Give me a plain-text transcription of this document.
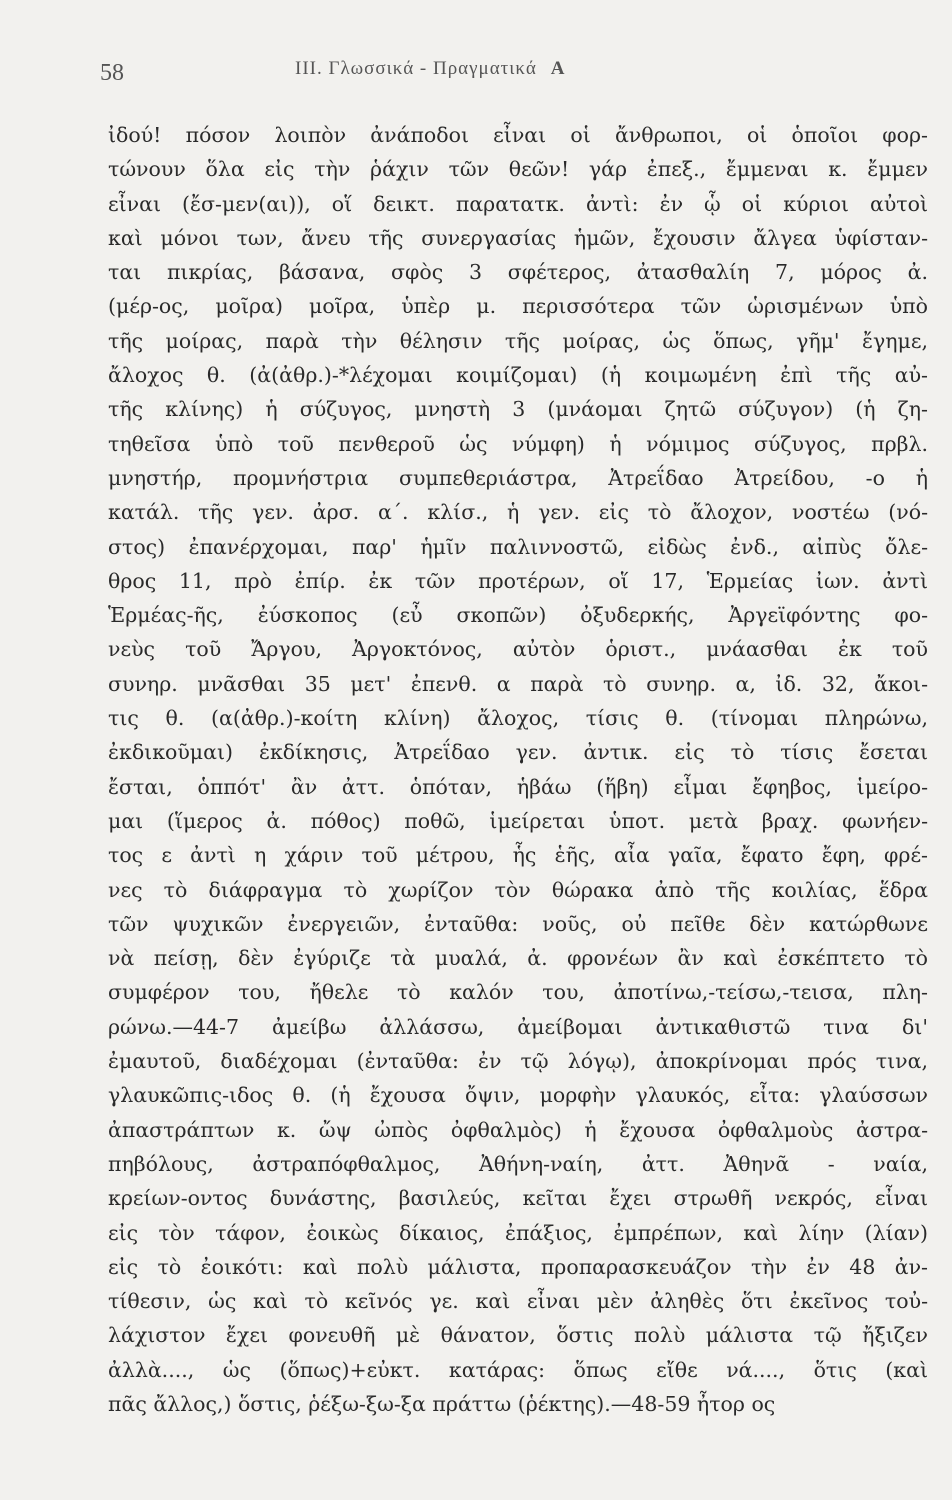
58	III. Γλωσσικά - Πραγματικά Α
ἰδού! πόσον λοιπὸν ἀνάποδοι εἶναι οἱ ἄνθρωποι, οἱ ὁποῖοι φορ-
τώνουν ὅλα εἰς τὴν ῥάχιν τῶν θεῶν! γάρ ἐπεξ., ἔμμεναι κ. ἔμμεν
εἶναι (ἔσ-μεν(αι)), οἵ δεικτ. παρατατκ. ἀντὶ: ἐν ᾧ οἱ κύριοι αὐτοὶ
καὶ μόνοι των, ἄνευ τῆς συνεργασίας ἡμῶν, ἔχουσιν ἄλγεα ὑφίσταν-
ται πικρίας, βάσανα, σφὸς 3 σφέτερος, ἀτασθαλίη 7, μόρος ἀ.
(μέρ-ος, μοῖρα) μοῖρα, ὑπὲρ μ. περισσότερα τῶν ὡρισμένων ὑπὸ
τῆς μοίρας, παρὰ τὴν θέλησιν τῆς μοίρας, ὡς ὅπως, γῆμ' ἔγημε,
ἄλοχος θ. (ἀ(ἀθρ.)-*λέχομαι κοιμίζομαι) (ἡ κοιμωμένη ἐπὶ τῆς αὐ-
τῆς κλίνης) ἡ σύζυγος, μνηστὴ 3 (μνάομαι ζητῶ σύζυγον) (ἡ ζη-
τηθεῖσα ὑπὸ τοῦ πενθεροῦ ὡς νύμφη) ἡ νόμιμος σύζυγος, πρβλ.
μνηστήρ, προμνήστρια συμπεθεριάστρα, Ἀτρεΐδαο Ἀτρείδου, -ο ἡ
κατάλ. τῆς γεν. ἀρσ. α΄. κλίσ., ἡ γεν. εἰς τὸ ἄλοχον, νοστέω (νό-
στος) ἐπανέρχομαι, παρ' ἡμῖν παλιννοστῶ, εἰδὼς ἐνδ., αἰπὺς ὄλε-
θρος 11, πρὸ ἐπίρ. ἐκ τῶν προτέρων, οἵ 17, Ἑρμείας ἰων. ἀντὶ
Ἑρμέας-ῆς, ἐύσκοπος (εὖ σκοπῶν) ὀξυδερκής, Ἀργεϊφόντης φο-
νεὺς τοῦ Ἄργου, Ἀργοκτόνος, αὐτὸν ὁριστ., μνάασθαι ἐκ τοῦ
συνηρ. μνᾶσθαι 35 μετ' ἐπενθ. α παρὰ τὸ συνηρ. α, ἰδ. 32, ἄκοι-
τις θ. (α(ἀθρ.)-κοίτη κλίνη) ἄλοχος, τίσις θ. (τίνομαι πληρώνω,
ἐκδικοῦμαι) ἐκδίκησις, Ἀτρεΐδαο γεν. ἀντικ. εἰς τὸ τίσις ἔσεται
ἔσται, ὁππότ' ἂν ἀττ. ὁπόταν, ἡβάω (ἥβη) εἶμαι ἔφηβος, ἱμείρο-
μαι (ἵμερος ἀ. πόθος) ποθῶ, ἱμείρεται ὑποτ. μετὰ βραχ. φωνήεν-
τος ε ἀντὶ η χάριν τοῦ μέτρου, ἧς ἑῆς, αἶα γαῖα, ἔφατο ἔφη, φρέ-
νες τὸ διάφραγμα τὸ χωρίζον τὸν θώρακα ἀπὸ τῆς κοιλίας, ἕδρα
τῶν ψυχικῶν ἐνεργειῶν, ἐνταῦθα: νοῦς, οὐ πεῖθε δὲν κατώρθωνε
νὰ πείσῃ, δὲν ἐγύριζε τὰ μυαλά, ἀ. φρονέων ἂν καὶ ἐσκέπτετο τὸ
συμφέρον του, ἤθελε τὸ καλόν του, ἀποτίνω,-τείσω,-τεισα, πλη-
ρώνω.—44-7 ἀμείβω ἀλλάσσω, ἀμείβομαι ἀντικαθιστῶ τινα δι'
ἐμαυτοῦ, διαδέχομαι (ἐνταῦθα: ἐν τῷ λόγῳ), ἀποκρίνομαι πρός τινα,
γλαυκῶπις-ιδος θ. (ἡ ἔχουσα ὄψιν, μορφὴν γλαυκός, εἶτα: γλαύσσων
ἀπαστράπτων κ. ὤψ ὠπὸς ὀφθαλμὸς) ἡ ἔχουσα ὀφθαλμοὺς ἀστρα-
πηβόλους, ἀστραπόφθαλμος, Ἀθήνη-ναίη, ἀττ. Ἀθηνᾶ - ναία,
κρείων-οντος δυνάστης, βασιλεύς, κεῖται ἔχει στρωθῆ νεκρός, εἶναι
εἰς τὸν τάφον, ἐοικὼς δίκαιος, ἐπάξιος, ἐμπρέπων, καὶ λίην (λίαν)
εἰς τὸ ἐοικότι: καὶ πολὺ μάλιστα, προπαρασκευάζον τὴν ἐν 48 ἀν-
τίθεσιν, ὡς καὶ τὸ κεῖνός γε. καὶ εἶναι μὲν ἀληθὲς ὅτι ἐκεῖνος τοὐ-
λάχιστον ἔχει φονευθῆ μὲ θάνατον, ὅστις πολὺ μάλιστα τῷ ἤξιζεν
ἀλλὰ...., ὡς (ὅπως)+εὐκτ. κατάρας: ὅπως εἴθε νά...., ὅτις (καὶ
πᾶς ἄλλος,) ὅστις, ῥέξω-ξω-ξα πράττω (ῥέκτης).—48-59 ἦτορ ος
